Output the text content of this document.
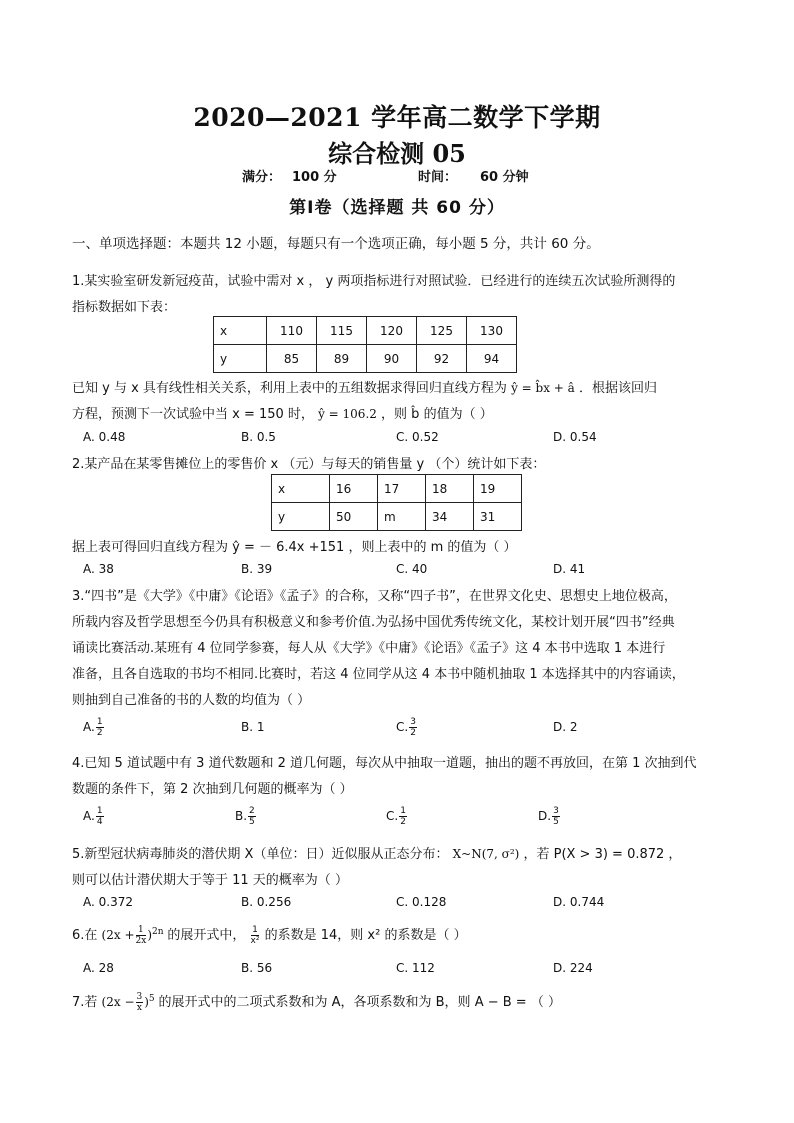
2020—2021 学年高二数学下学期
综合检测 05
满分： 100 分	时间： 60 分钟
第Ⅰ卷（选择题 共 60 分）
一、单项选择题：本题共 12 小题，每题只有一个选项正确，每小题 5 分，共计 60 分。
1.某实验室研发新冠疫苗，试验中需对 x ， y 两项指标进行对照试验．已经进行的连续五次试验所测得的
指标数据如下表：
x	110	115	120	125	130
y	85	89	90	92	94
已知 y 与 x 具有线性相关关系，利用上表中的五组数据求得回归直线方程为 ŷ = b̂x + â ．根据该回归
方程，预测下一次试验中当 x = 150 时， ŷ = 106.2 ，则 b̂ 的值为（ ）
A. 0.48	B. 0.5	C. 0.52	D. 0.54
2.某产品在某零售摊位上的零售价 x （元）与每天的销售量 y （个）统计如下表：
x	16	17	18	19
y	50	m	34	31
据上表可得回归直线方程为 ŷ = － 6.4x +151 ，则上表中的 m 的值为（ ）
A. 38	B. 39	C. 40	D. 41
3.“四书”是《大学》《中庸》《论语》《孟子》的合称，又称“四子书”，在世界文化史、思想史上地位极高，
所载内容及哲学思想至今仍具有积极意义和参考价值.为弘扬中国优秀传统文化，某校计划开展“四书”经典
诵读比赛活动.某班有 4 位同学参赛，每人从《大学》《中庸》《论语》《孟子》这 4 本书中选取 1 本进行
准备，且各自选取的书均不相同.比赛时，若这 4 位同学从这 4 本书中随机抽取 1 本选择其中的内容诵读，
则抽到自己准备的书的人数的均值为（ ）
A. $\frac{1}{2}$	B. 1	C. $\frac{3}{2}$	D. 2
4.已知 5 道试题中有 3 道代数题和 2 道几何题，每次从中抽取一道题，抽出的题不再放回，在第 1 次抽到代
数题的条件下，第 2 次抽到几何题的概率为（ ）
A. $\frac{1}{4}$	B. $\frac{2}{5}$	C. $\frac{1}{2}$	D. $\frac{3}{5}$
5.新型冠状病毒肺炎的潜伏期 X（单位：日）近似服从正态分布： X~N(7, σ²) ，若 P(X > 3) = 0.872 ，
则可以估计潜伏期大于等于 11 天的概率为（ ）
A. 0.372	B. 0.256	C. 0.128	D. 0.744
6.在 $(2x + \frac{1}{2x} )^{2n}$ 的展开式中， $\frac{1}{\text{x²}}$ 的系数是 14，则 x² 的系数是（ ）
A. 28	B. 56	C. 112	D. 224
7.若 $(2x - \frac{3}{x} )^5$ 的展开式中的二项式系数和为 A，各项系数和为 B，则 A − B = （ ）
